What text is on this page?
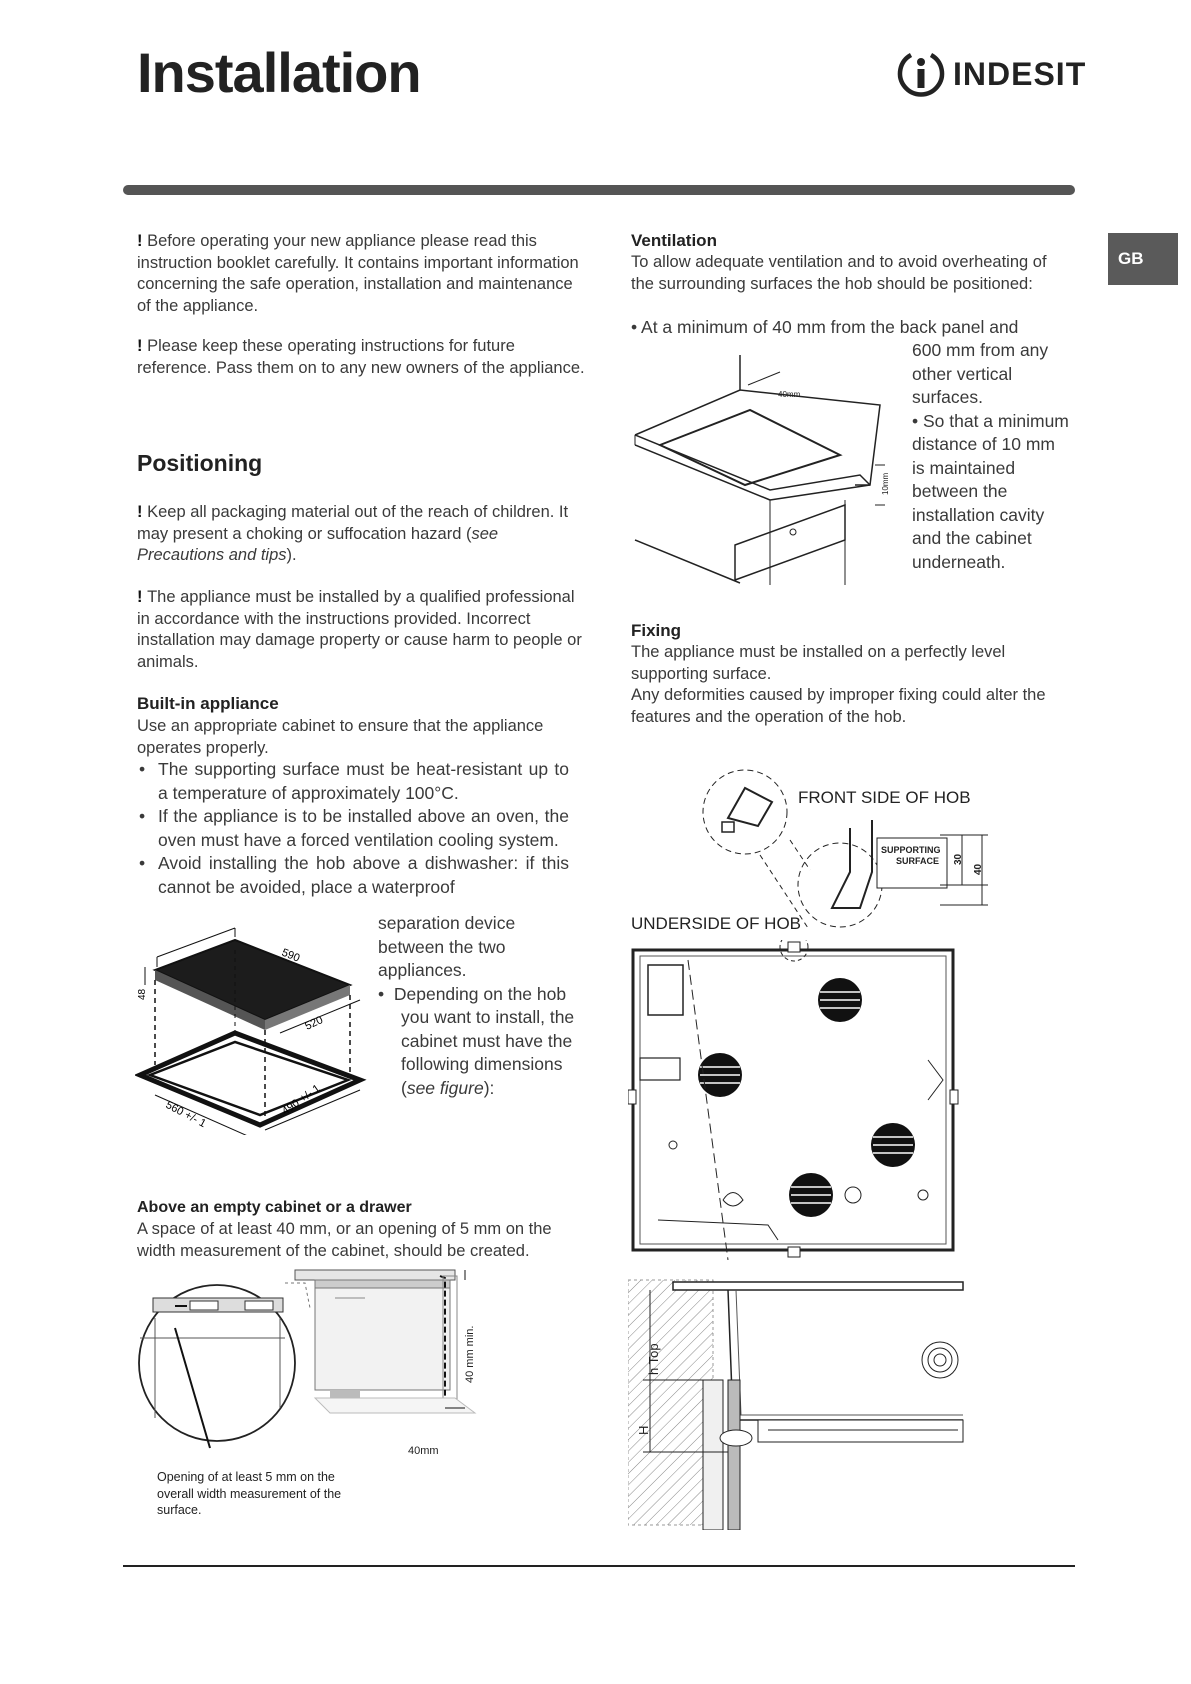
Installation	INDESIT
GB

! Before operating your new appliance please read this instruction booklet carefully. It contains important information concerning the safe operation, installation and maintenance of the appliance.

! Please keep these operating instructions for future reference. Pass them on to any new owners of the appliance.

Positioning

! Keep all packaging material out of the reach of children. It may present a choking or suffocation hazard (see Precautions and tips).

! The appliance must be installed by a qualified professional in accordance with the instructions provided. Incorrect installation may damage property or cause harm to people or animals.

Built-in appliance

Use an appropriate cabinet to ensure that the appliance operates properly.

• The supporting surface must be heat-resistant up to a temperature of approximately 100°C.
• If the appliance is to be installed above an oven, the oven must have a forced ventilation cooling system.
• Avoid installing the hob above a dishwasher: if this cannot be avoided, place a waterproof
separation device between the two appliances.
•  Depending on the hob you want to install, the cabinet must have the following dimensions (see figure):
590
520
48
560 +/- 1	490 +/- 1
Above an empty cabinet or a drawer

A space of at least 40 mm, or an opening of 5 mm on the width measurement of the cabinet, should be created.

40 mm min.
40mm

Opening of at least 5 mm on the overall width measurement of the surface.

Ventilation

To allow adequate ventilation and to avoid overheating of the surrounding surfaces the hob should be positioned:

• At a minimum of 40 mm from the back panel and

600 mm from any other vertical surfaces.
• So that a minimum distance of 10 mm is maintained between the installation cavity and the cabinet underneath.
40mm
10mm
Fixing

The appliance must be installed on a perfectly level supporting surface.

Any deformities caused by improper fixing could alter the features and the operation of the hob.

SUPPORTING
SURFACE 30
40

FRONT SIDE OF HOB

UNDERSIDE OF HOB

h Top
H
